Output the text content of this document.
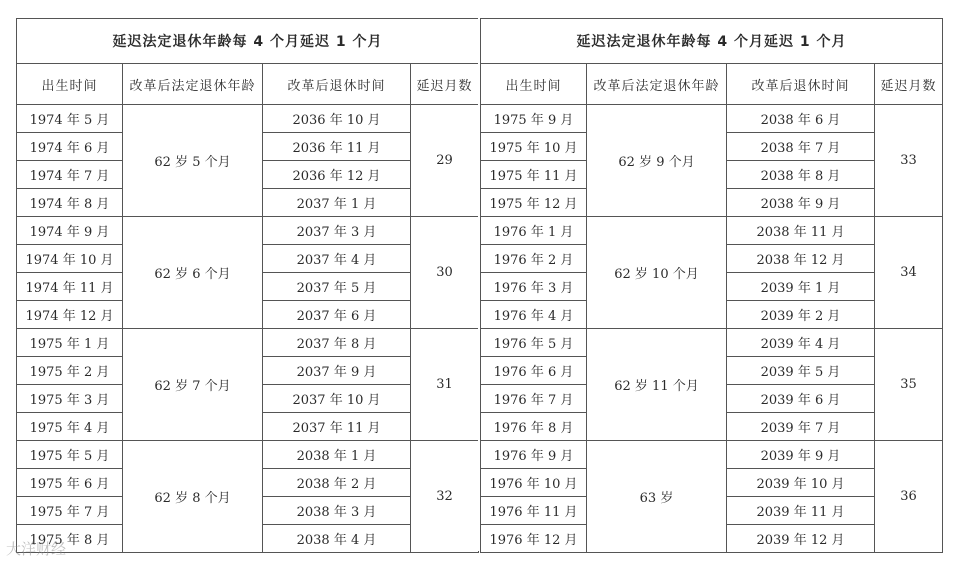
延迟法定退休年龄每 4 个月延迟 1 个月			
出生时间	改革后法定退休年龄	改革后退休时间	延迟月数
1974 年 5 月	62 岁 5 个月	2036 年 10 月	29
1974 年 6 月		2036 年 11 月	
1974 年 7 月		2036 年 12 月	
1974 年 8 月		2037 年 1 月	
1974 年 9 月	62 岁 6 个月	2037 年 3 月	30
1974 年 10 月		2037 年 4 月	
1974 年 11 月		2037 年 5 月	
1974 年 12 月		2037 年 6 月	
1975 年 1 月	62 岁 7 个月	2037 年 8 月	31
1975 年 2 月		2037 年 9 月	
1975 年 3 月		2037 年 10 月	
1975 年 4 月		2037 年 11 月	
1975 年 5 月	62 岁 8 个月	2038 年 1 月	32
1975 年 6 月		2038 年 2 月	
1975 年 7 月		2038 年 3 月	
1975 年 8 月		2038 年 4 月	
延迟法定退休年龄每 4 个月延迟 1 个月			
出生时间	改革后法定退休年龄	改革后退休时间	延迟月数
1975 年 9 月	62 岁 9 个月	2038 年 6 月	33
1975 年 10 月		2038 年 7 月	
1975 年 11 月		2038 年 8 月	
1975 年 12 月		2038 年 9 月	
1976 年 1 月	62 岁 10 个月	2038 年 11 月	34
1976 年 2 月		2038 年 12 月	
1976 年 3 月		2039 年 1 月	
1976 年 4 月		2039 年 2 月	
1976 年 5 月	62 岁 11 个月	2039 年 4 月	35
1976 年 6 月		2039 年 5 月	
1976 年 7 月		2039 年 6 月	
1976 年 8 月		2039 年 7 月	
1976 年 9 月	63 岁	2039 年 9 月	36
1976 年 10 月		2039 年 10 月	
1976 年 11 月		2039 年 11 月	
1976 年 12 月		2039 年 12 月	
大洋财经
